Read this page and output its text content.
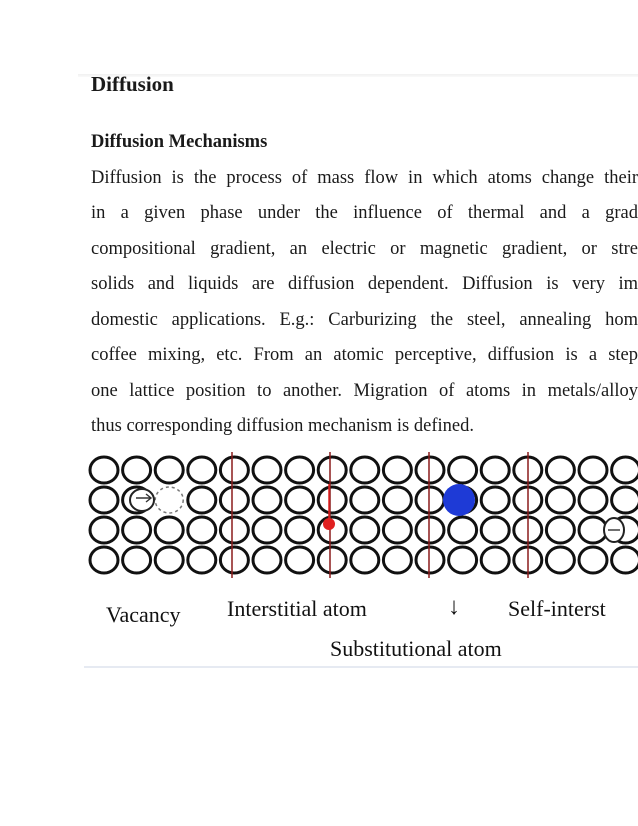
Diffusion
Diffusion Mechanisms
Diffusion is the process of mass flow in which atoms change their
in a given phase under the influence of thermal and a grad
compositional gradient, an electric or magnetic gradient, or stre
solids and liquids are diffusion dependent. Diffusion is very im
domestic applications. E.g.: Carburizing the steel, annealing hom
coffee mixing, etc. From an atomic perceptive, diffusion is a step
one lattice position to another. Migration of atoms in metals/alloy
thus corresponding diffusion mechanism is defined.
Vacancy Interstitial atom	↓ Self-interst
Substitutional atom
